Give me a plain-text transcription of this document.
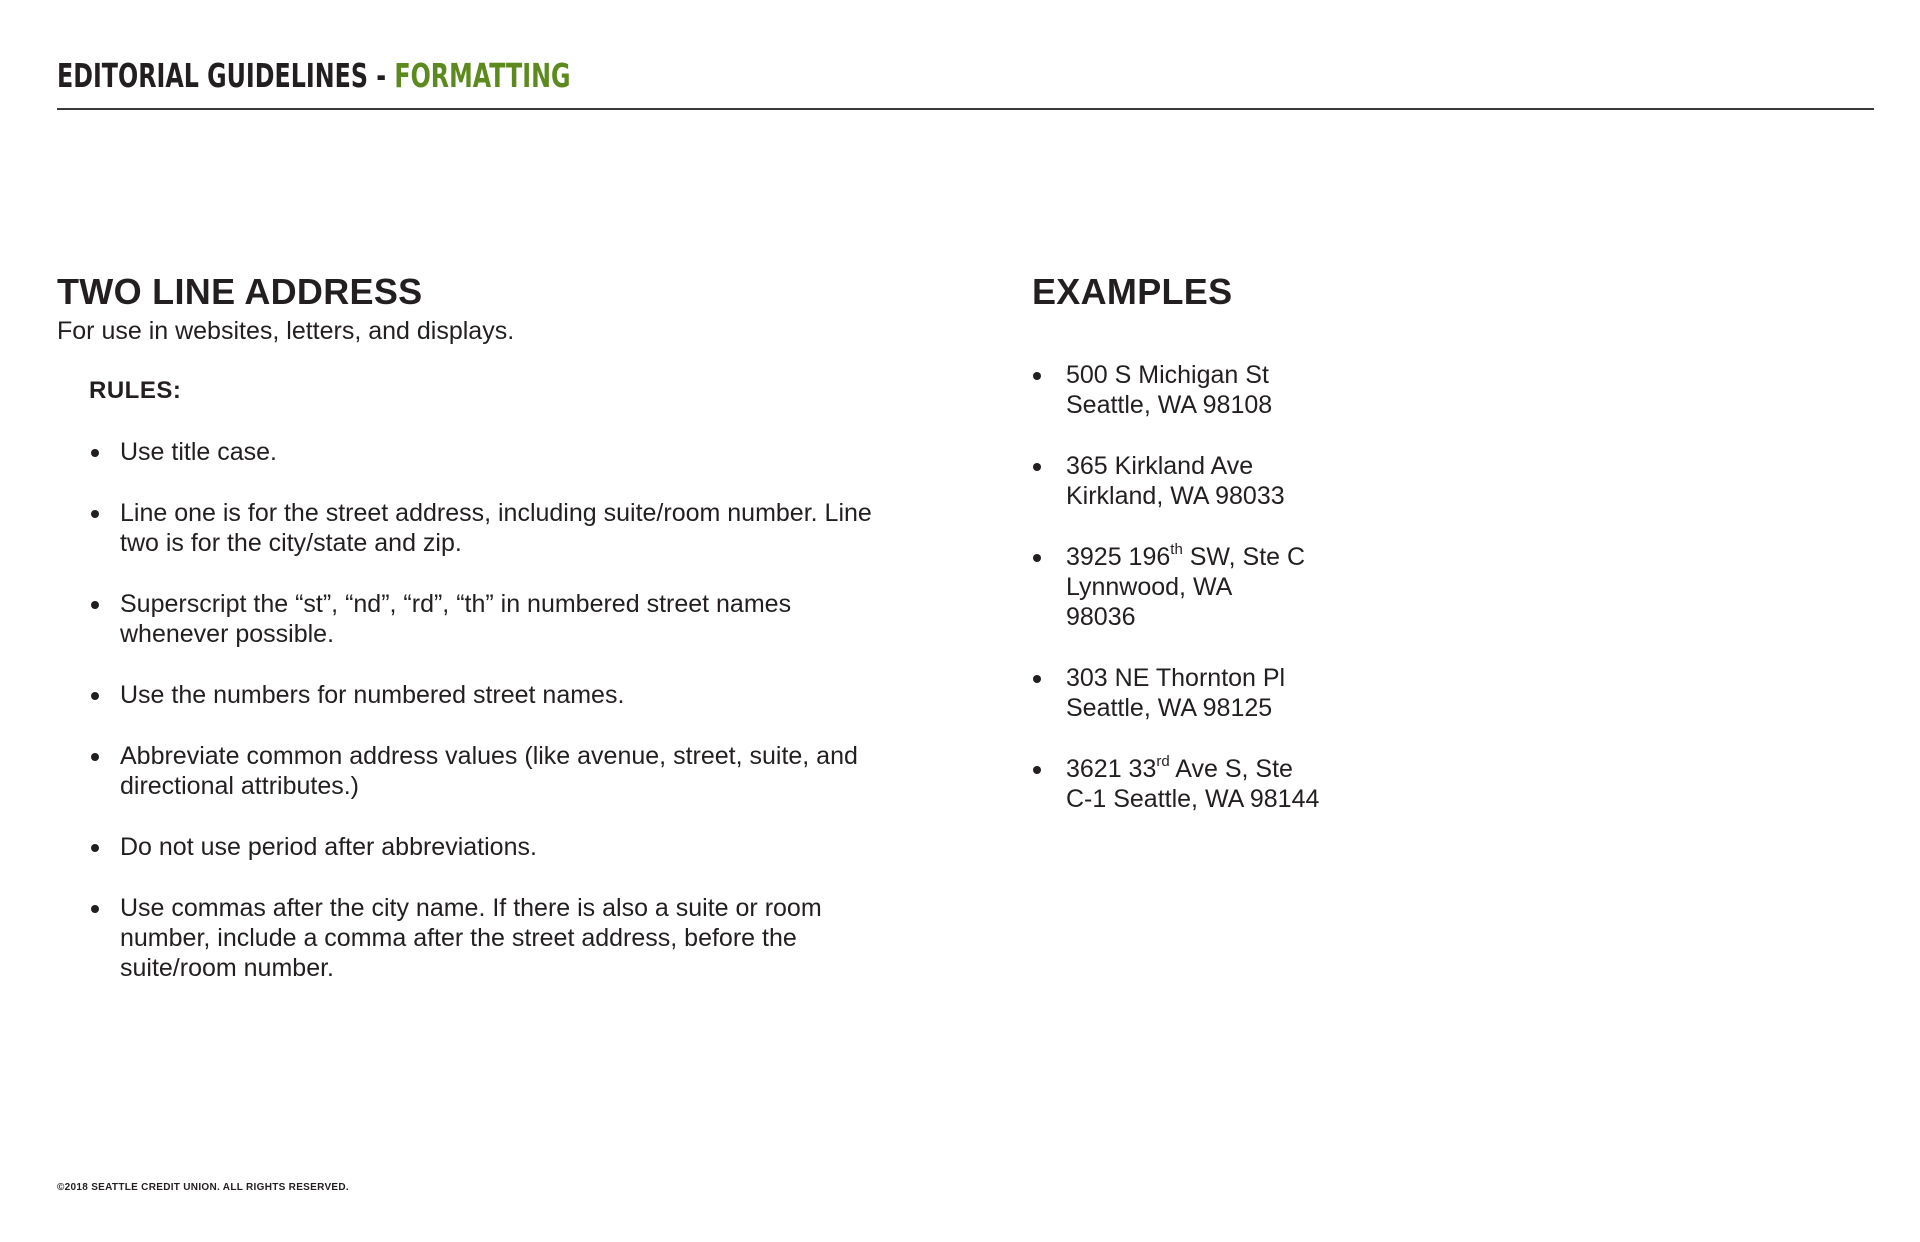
EDITORIAL GUIDELINES - FORMATTING
TWO LINE ADDRESS

For use in websites, letters, and displays.

RULES:
Use title case.
Line one is for the street address, including suite/room number. Line two is for the city/state and zip.
Superscript the “st”, “nd”, “rd”, “th” in numbered street names whenever possible.
Use the numbers for numbered street names.
Abbreviate common address values (like avenue, street, suite, and directional attributes.)
Do not use period after abbreviations.
Use commas after the city name. If there is also a suite or room number, include a comma after the street address, before the suite/room number.
EXAMPLES
500 S Michigan St
Seattle, WA 98108
365 Kirkland Ave
Kirkland, WA 98033
3925 196th SW, Ste C
Lynnwood, WA
98036
303 NE Thornton Pl
Seattle, WA 98125
3621 33rd Ave S, Ste
C-1 Seattle, WA 98144
©2018 SEATTLE CREDIT UNION. ALL RIGHTS RESERVED.
